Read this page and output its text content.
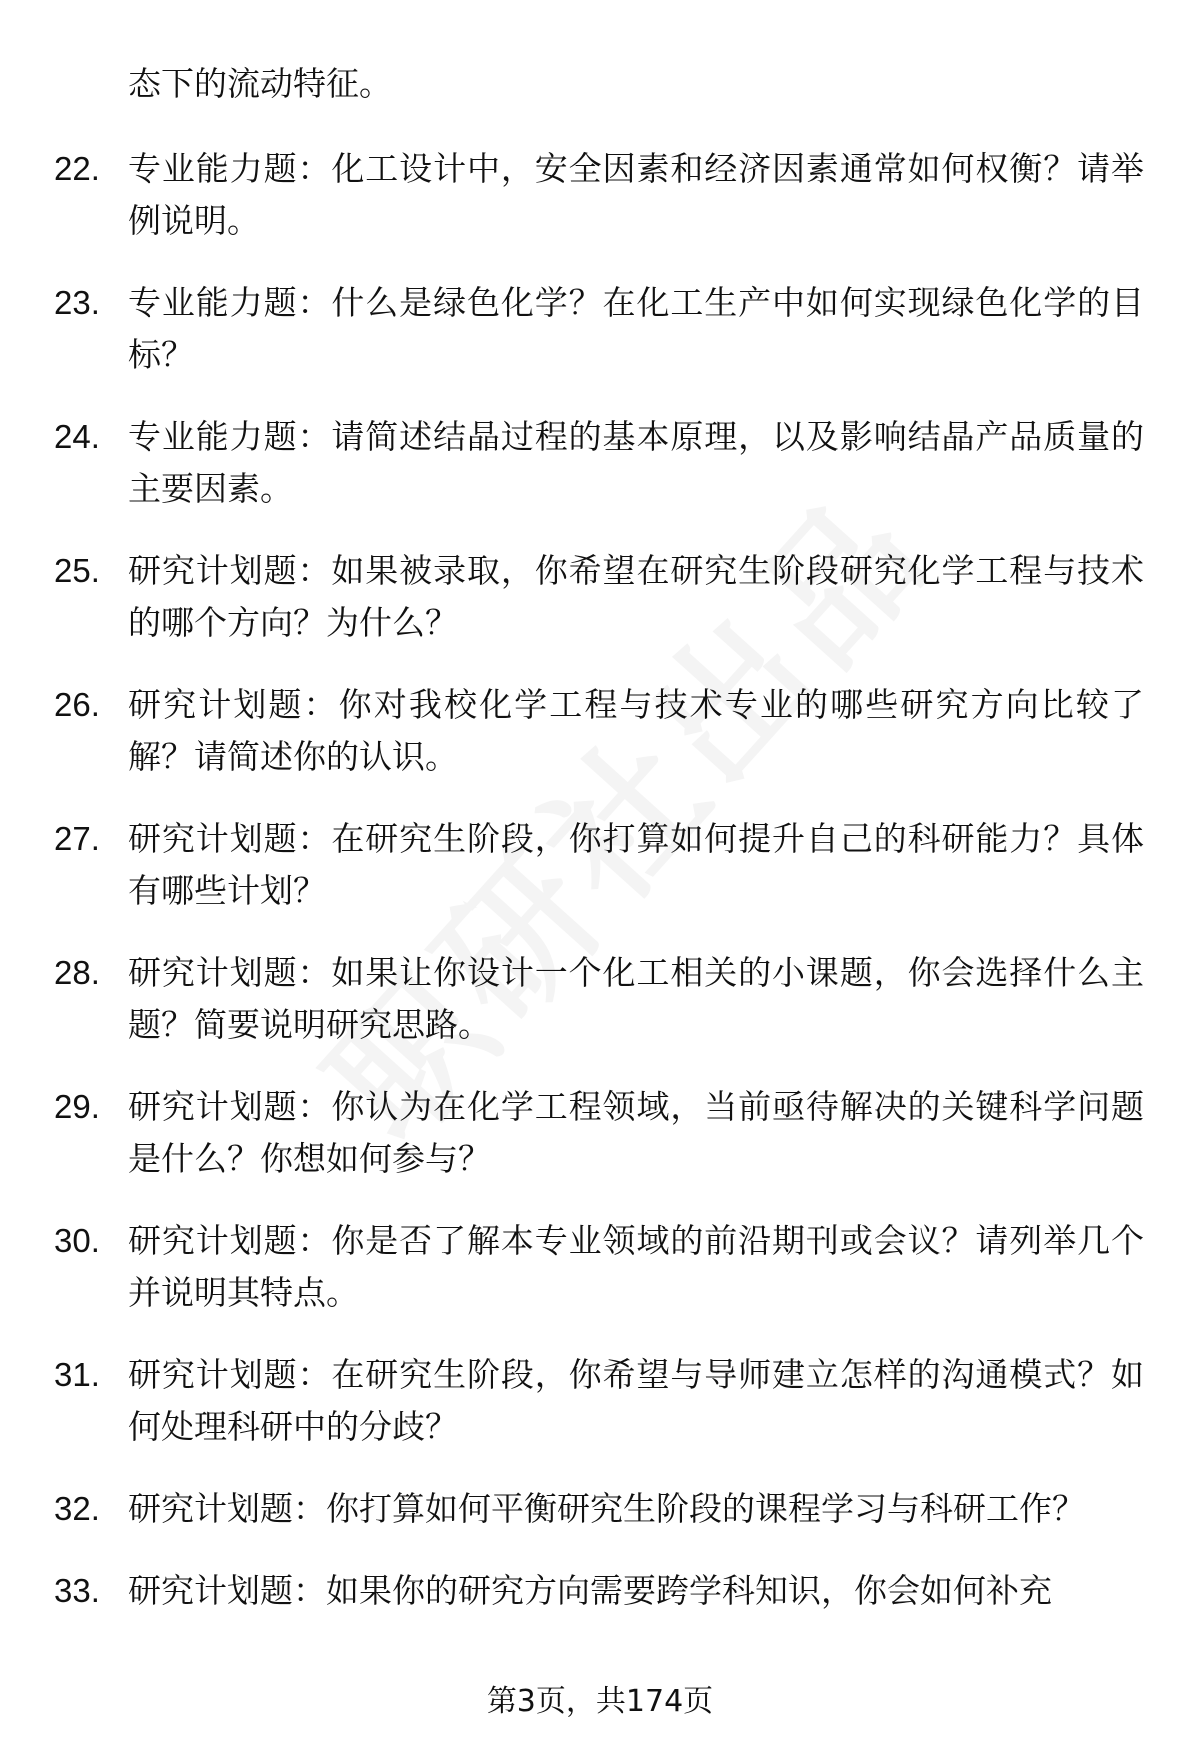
态下的流动特征。
22. 专业能力题：化工设计中，安全因素和经济因素通常如何权衡？请举例说明。
23. 专业能力题：什么是绿色化学？在化工生产中如何实现绿色化学的目标？
24. 专业能力题：请简述结晶过程的基本原理，以及影响结晶产品质量的主要因素。
25. 研究计划题：如果被录取，你希望在研究生阶段研究化学工程与技术的哪个方向？为什么？
26. 研究计划题：你对我校化学工程与技术专业的哪些研究方向比较了解？请简述你的认识。
27. 研究计划题：在研究生阶段，你打算如何提升自己的科研能力？具体有哪些计划？
28. 研究计划题：如果让你设计一个化工相关的小课题，你会选择什么主题？简要说明研究思路。
29. 研究计划题：你认为在化学工程领域，当前亟待解决的关键科学问题是什么？你想如何参与？
30. 研究计划题：你是否了解本专业领域的前沿期刊或会议？请列举几个并说明其特点。
31. 研究计划题：在研究生阶段，你希望与导师建立怎样的沟通模式？如何处理科研中的分歧？
32. 研究计划题：你打算如何平衡研究生阶段的课程学习与科研工作？
33. 研究计划题：如果你的研究方向需要跨学科知识，你会如何补充
第3页，共174页
